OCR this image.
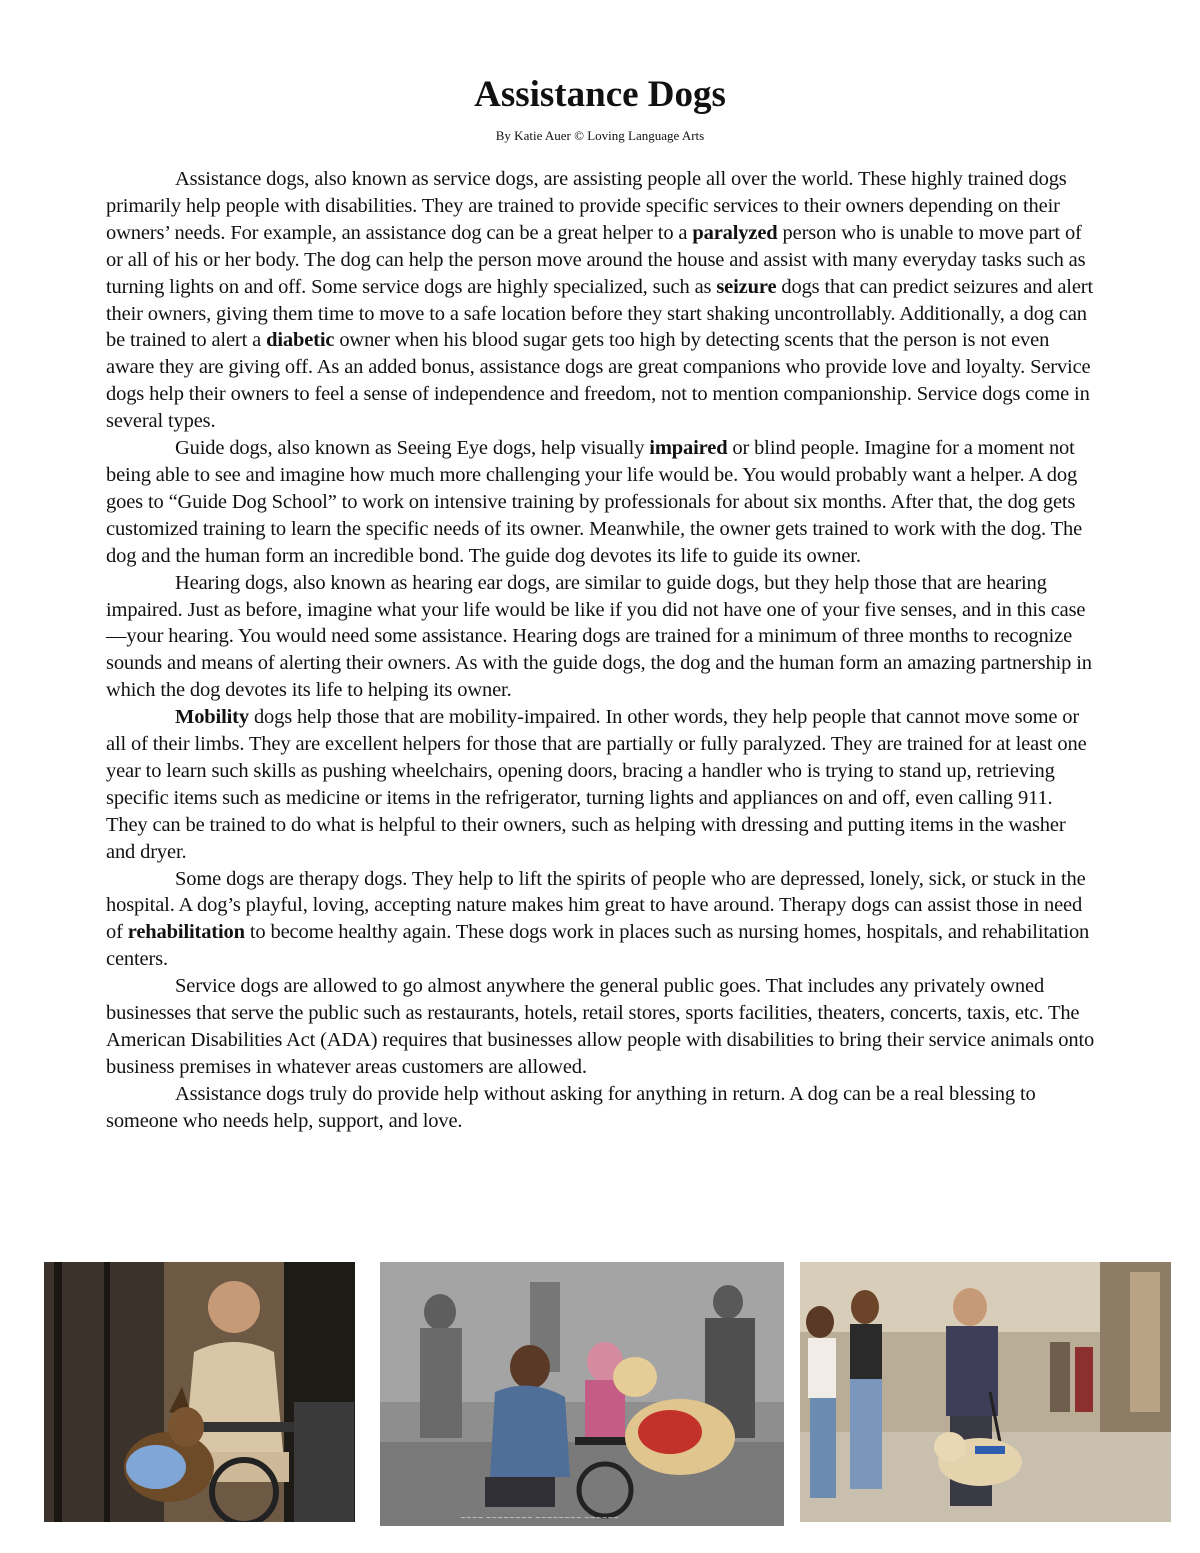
Assistance Dogs
By Katie Auer © Loving Language Arts

Assistance dogs, also known as service dogs, are assisting people all over the world. These highly trained dogs primarily help people with disabilities. They are trained to provide specific services to their owners depending on their owners’ needs. For example, an assistance dog can be a great helper to a paralyzed person who is unable to move part of or all of his or her body. The dog can help the person move around the house and assist with many everyday tasks such as turning lights on and off. Some service dogs are highly specialized, such as seizure dogs that can predict seizures and alert their owners, giving them time to move to a safe location before they start shaking uncontrollably. Additionally, a dog can be trained to alert a diabetic owner when his blood sugar gets too high by detecting scents that the person is not even aware they are giving off. As an added bonus, assistance dogs are great companions who provide love and loyalty. Service dogs help their owners to feel a sense of independence and freedom, not to mention companionship. Service dogs come in several types.

Guide dogs, also known as Seeing Eye dogs, help visually impaired or blind people. Imagine for a moment not being able to see and imagine how much more challenging your life would be. You would probably want a helper. A dog goes to “Guide Dog School” to work on intensive training by professionals for about six months. After that, the dog gets customized training to learn the specific needs of its owner. Meanwhile, the owner gets trained to work with the dog. The dog and the human form an incredible bond. The guide dog devotes its life to guide its owner.

Hearing dogs, also known as hearing ear dogs, are similar to guide dogs, but they help those that are hearing impaired. Just as before, imagine what your life would be like if you did not have one of your five senses, and in this case—your hearing. You would need some assistance. Hearing dogs are trained for a minimum of three months to recognize sounds and means of alerting their owners. As with the guide dogs, the dog and the human form an amazing partnership in which the dog devotes its life to helping its owner.

Mobility dogs help those that are mobility-impaired. In other words, they help people that cannot move some or all of their limbs. They are excellent helpers for those that are partially or fully paralyzed. They are trained for at least one year to learn such skills as pushing wheelchairs, opening doors, bracing a handler who is trying to stand up, retrieving specific items such as medicine or items in the refrigerator, turning lights and appliances on and off, even calling 911. They can be trained to do what is helpful to their owners, such as helping with dressing and putting items in the washer and dryer.

Some dogs are therapy dogs. They help to lift the spirits of people who are depressed, lonely, sick, or stuck in the hospital. A dog’s playful, loving, accepting nature makes him great to have around. Therapy dogs can assist those in need of rehabilitation to become healthy again. These dogs work in places such as nursing homes, hospitals, and rehabilitation centers.

Service dogs are allowed to go almost anywhere the general public goes. That includes any privately owned businesses that serve the public such as restaurants, hotels, retail stores, sports facilities, theaters, concerts, taxis, etc. The American Disabilities Act (ADA) requires that businesses allow people with disabilities to bring their service animals onto business premises in whatever areas customers are allowed.

Assistance dogs truly do provide help without asking for anything in return. A dog can be a real blessing to someone who needs help, support, and love.

~~~~ ~~~~~~~~ ~~~~~~~~ ~~~~~~
